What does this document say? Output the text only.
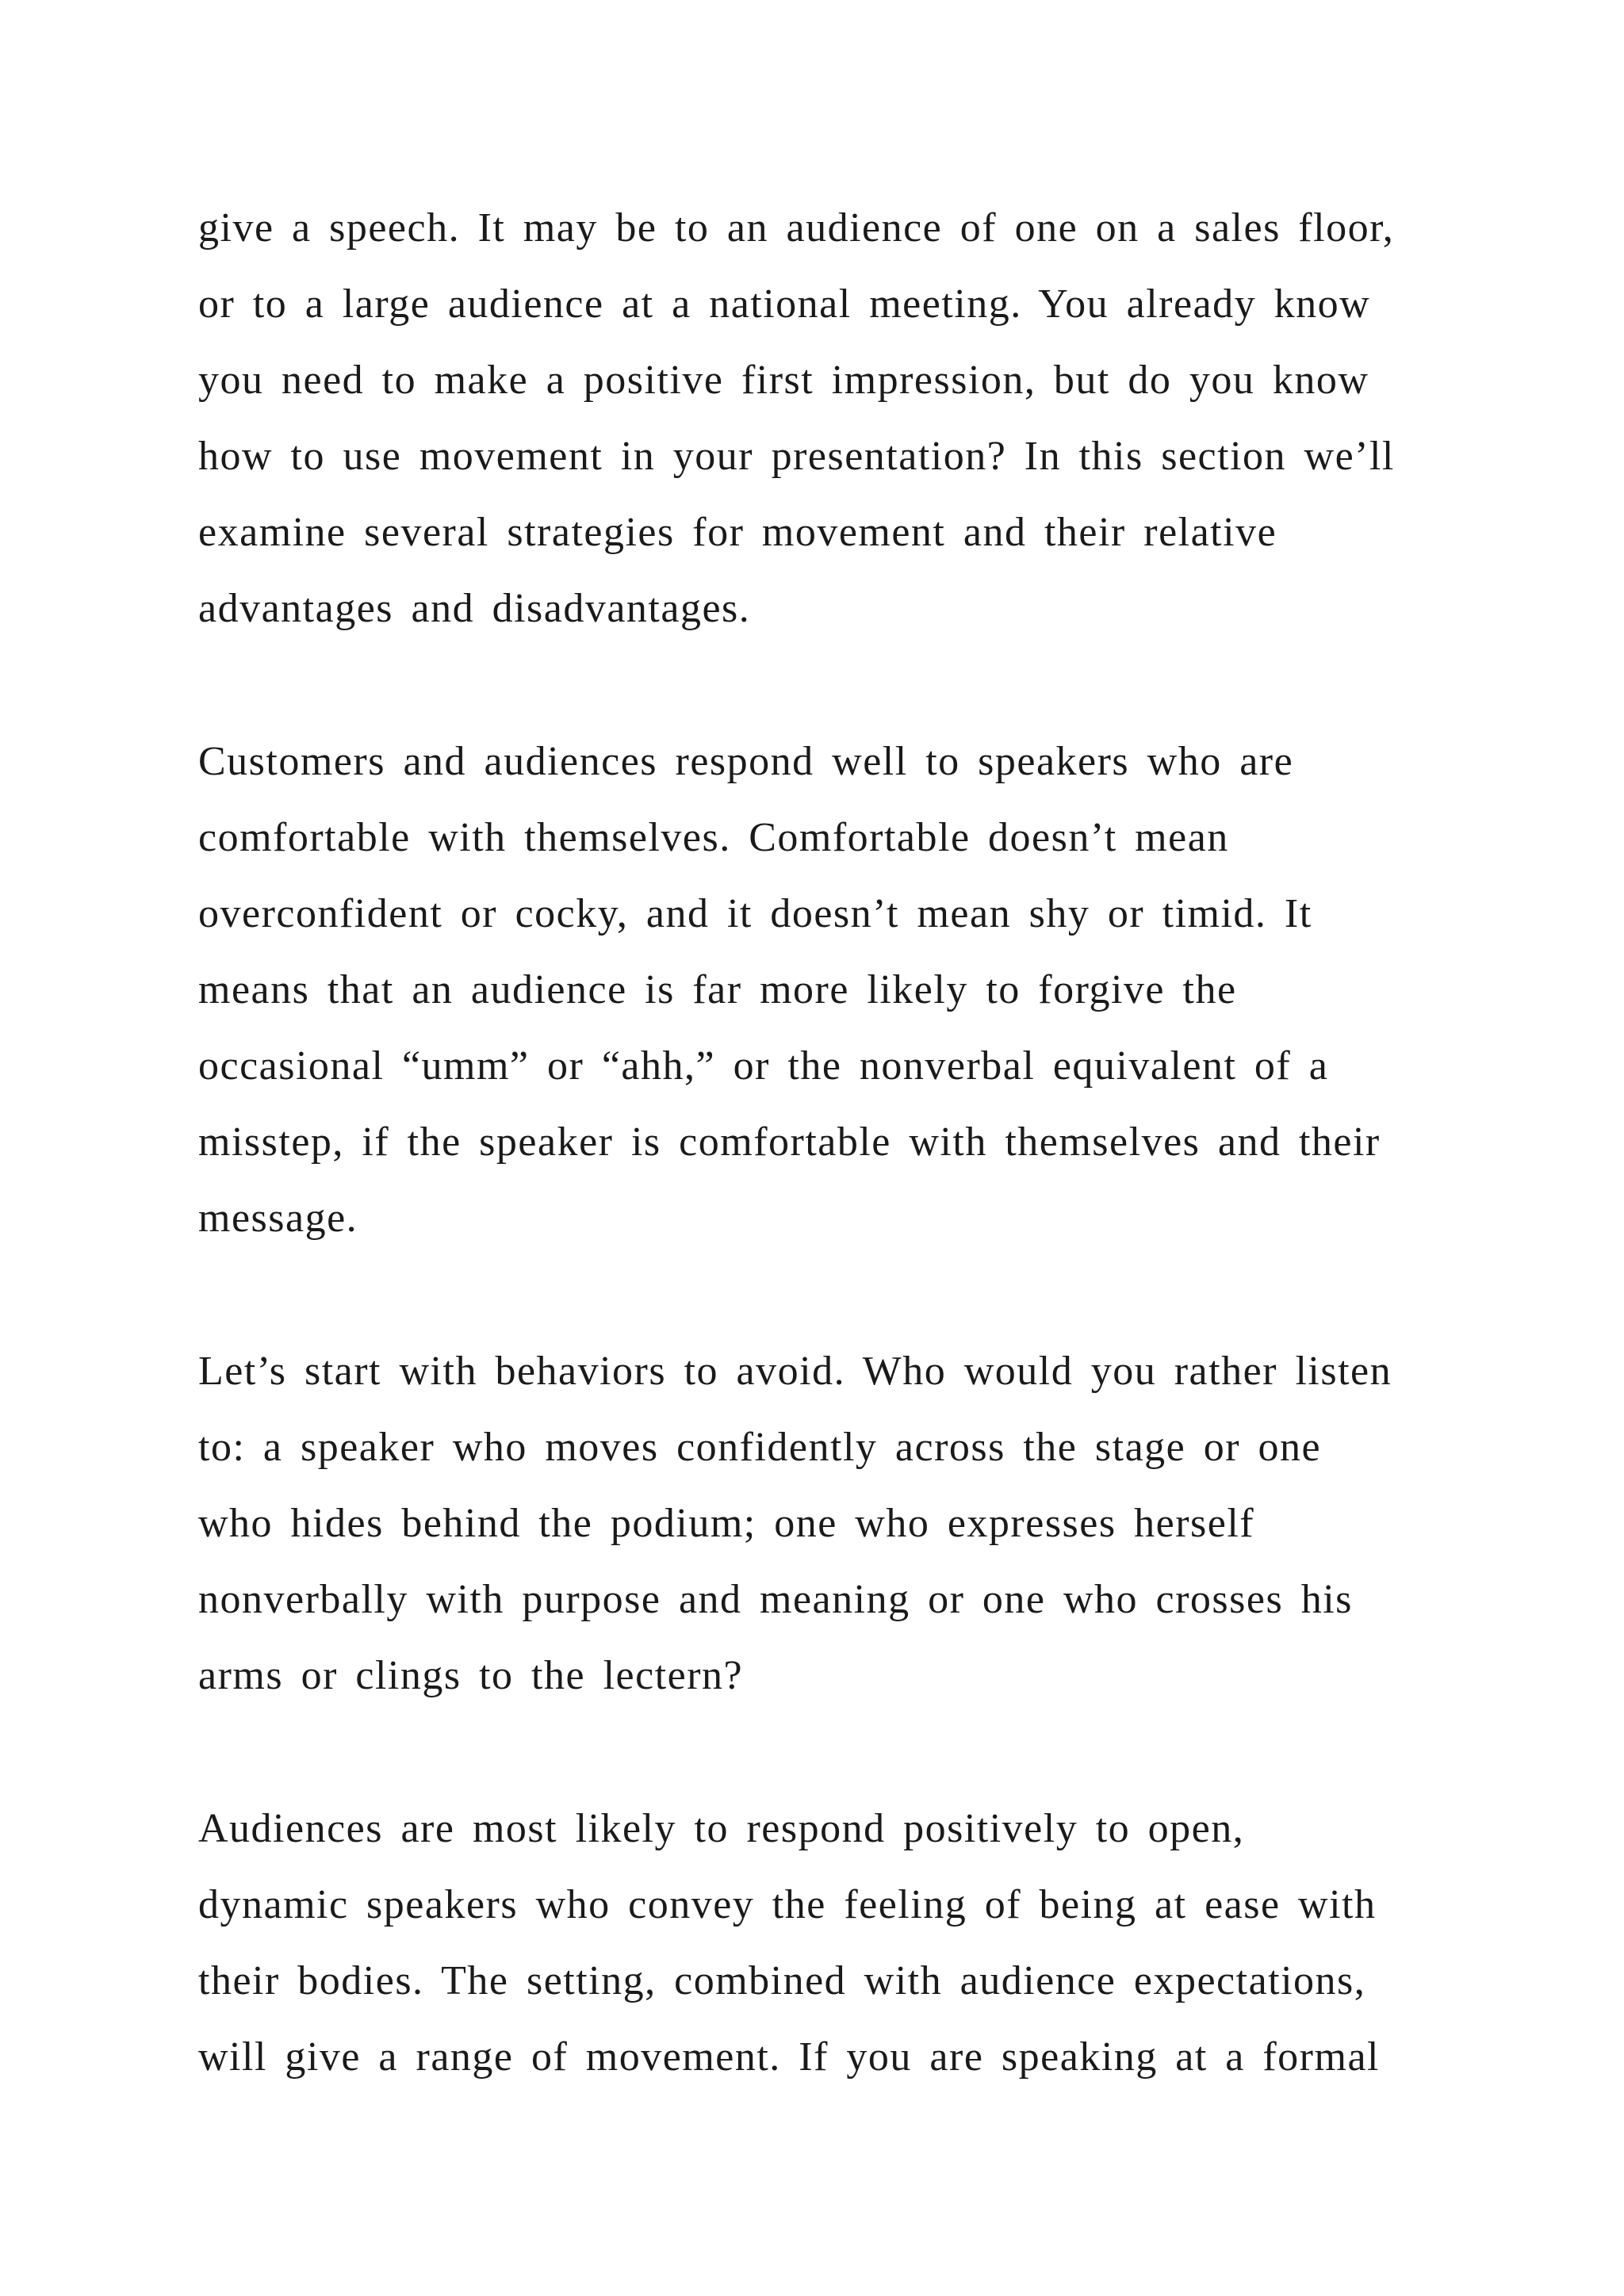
give a speech. It may be to an audience of one on a sales floor,
or to a large audience at a national meeting. You already know
you need to make a positive first impression, but do you know
how to use movement in your presentation? In this section we’ll
examine several strategies for movement and their relative
advantages and disadvantages.

Customers and audiences respond well to speakers who are
comfortable with themselves. Comfortable doesn’t mean
overconfident or cocky, and it doesn’t mean shy or timid. It
means that an audience is far more likely to forgive the
occasional “umm” or “ahh,” or the nonverbal equivalent of a
misstep, if the speaker is comfortable with themselves and their
message.

Let’s start with behaviors to avoid. Who would you rather listen
to: a speaker who moves confidently across the stage or one
who hides behind the podium; one who expresses herself
nonverbally with purpose and meaning or one who crosses his
arms or clings to the lectern?

Audiences are most likely to respond positively to open,
dynamic speakers who convey the feeling of being at ease with
their bodies. The setting, combined with audience expectations,
will give a range of movement. If you are speaking at a formal
